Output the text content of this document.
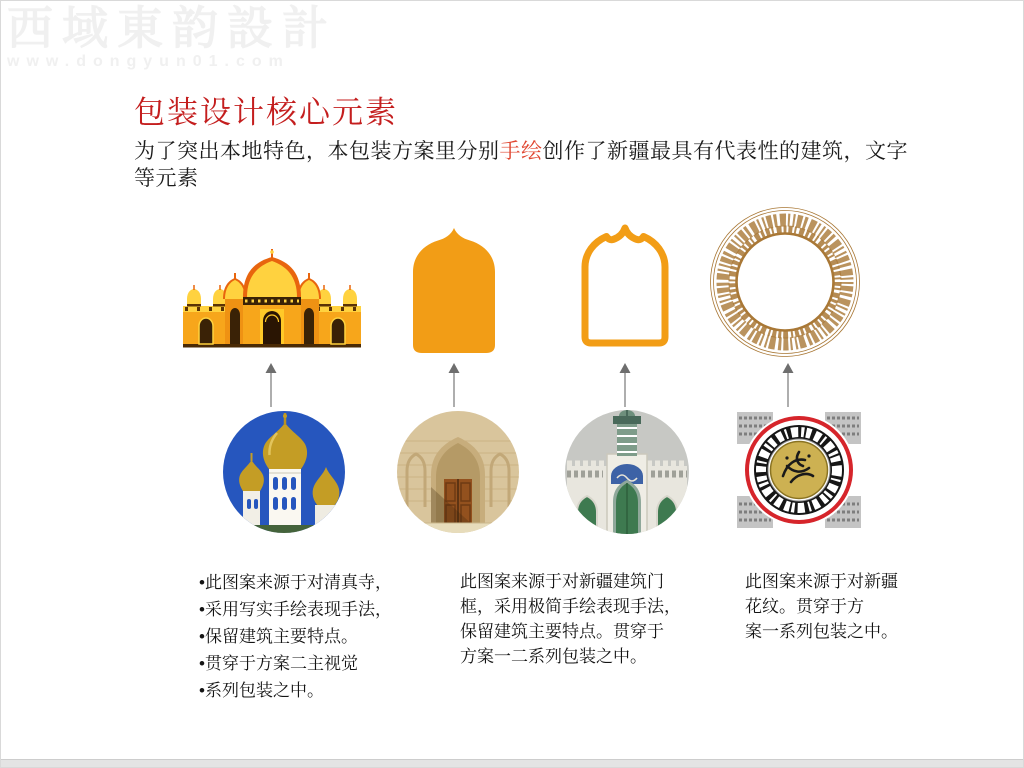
西域東韵設計
www.dongyun01.com
包装设计核心元素

为了突出本地特色，本包装方案里分别手绘创作了新疆最具有代表性的建筑，文字等元素

•此图案来源于对清真寺，
•采用写实手绘表现手法，
•保留建筑主要特点。
•贯穿于方案二主视觉
•系列包装之中。
此图案来源于对新疆建筑门
框，采用极简手绘表现手法，
保留建筑主要特点。贯穿于
方案一二系列包装之中。
此图案来源于对新疆
花纹。贯穿于方
案一系列包装之中。
